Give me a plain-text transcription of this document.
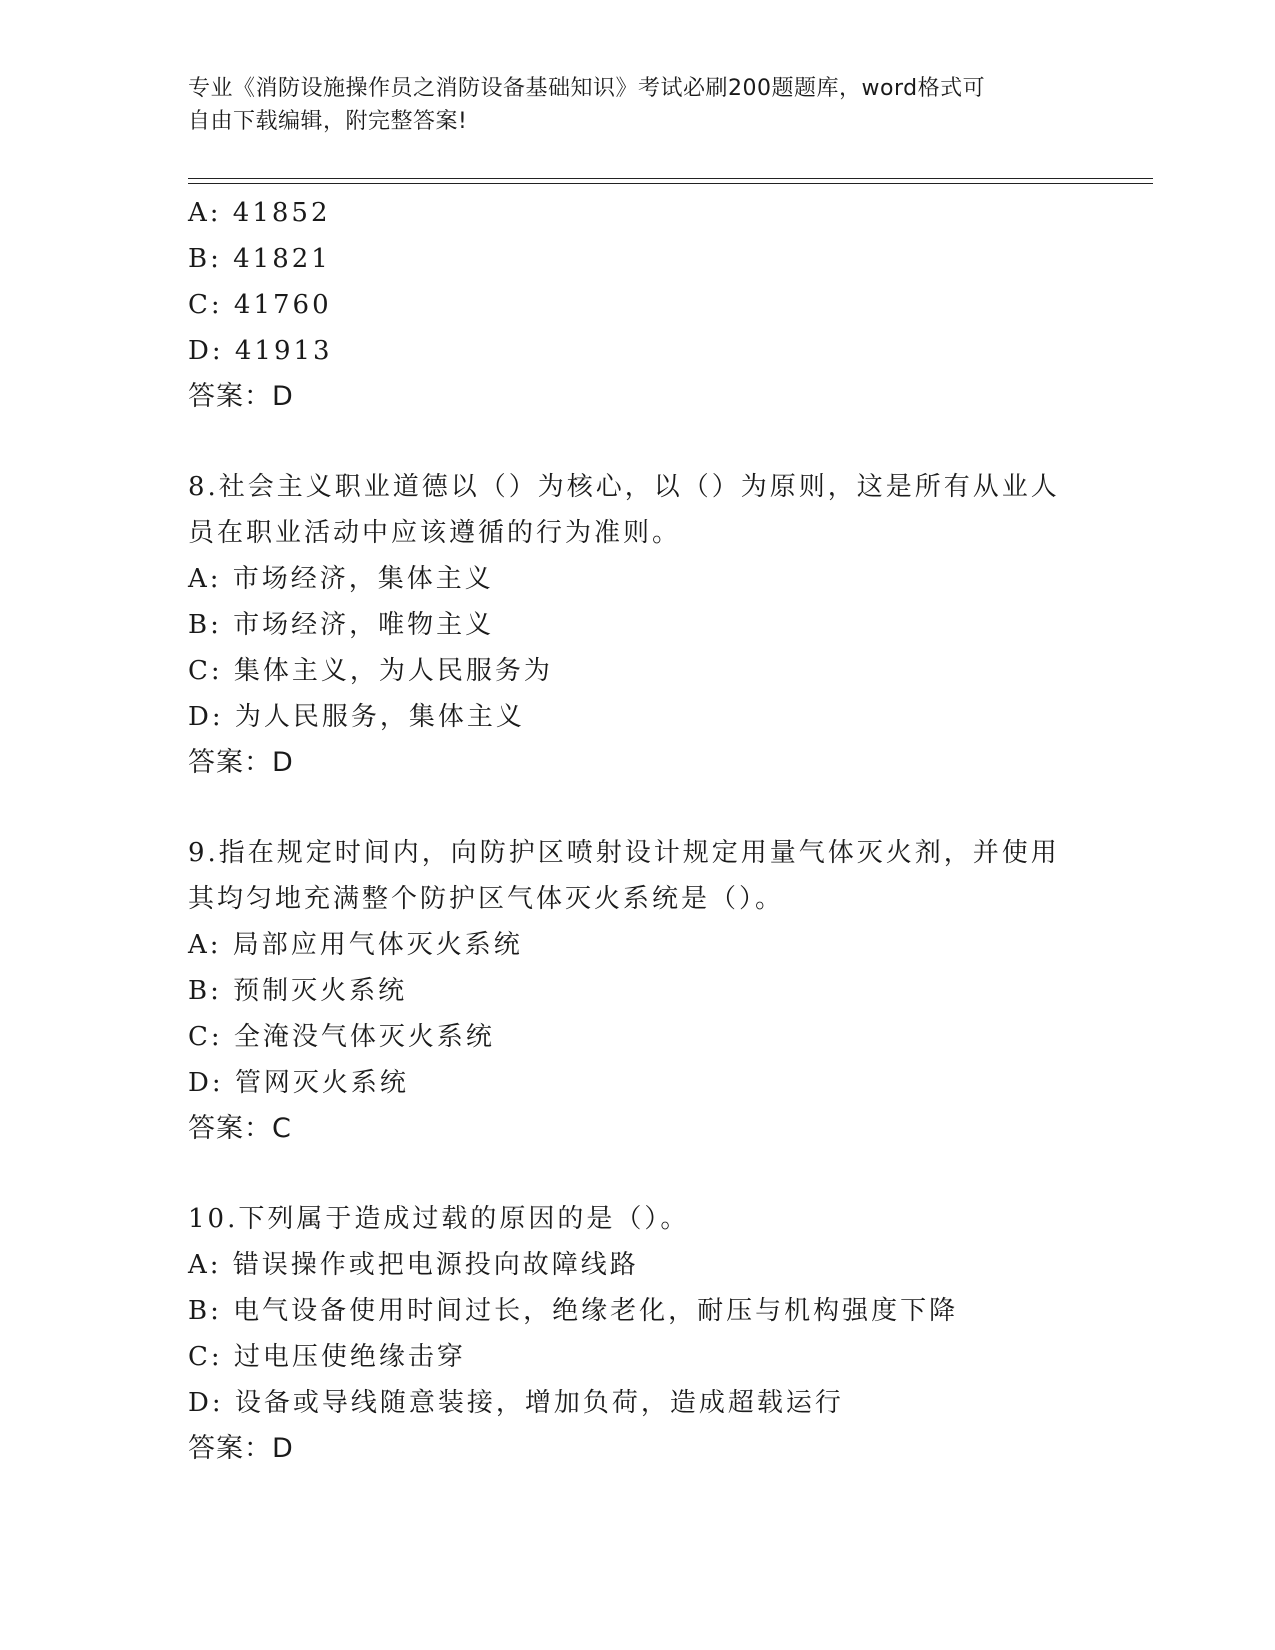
专业《消防设施操作员之消防设备基础知识》考试必刷200题题库，word格式可
自由下载编辑，附完整答案!
A: 41852
B: 41821
C: 41760
D: 41913
答案：D
8.社会主义职业道德以（）为核心，以（）为原则，这是所有从业人
员在职业活动中应该遵循的行为准则。
A: 市场经济，集体主义
B: 市场经济，唯物主义
C: 集体主义，为人民服务为
D: 为人民服务，集体主义
答案：D
9.指在规定时间内，向防护区喷射设计规定用量气体灭火剂，并使用
其均匀地充满整个防护区气体灭火系统是（）。
A: 局部应用气体灭火系统
B: 预制灭火系统
C: 全淹没气体灭火系统
D: 管网灭火系统
答案：C
10.下列属于造成过载的原因的是（）。
A: 错误操作或把电源投向故障线路
B: 电气设备使用时间过长，绝缘老化，耐压与机构强度下降
C: 过电压使绝缘击穿
D: 设备或导线随意装接，增加负荷，造成超载运行
答案：D
